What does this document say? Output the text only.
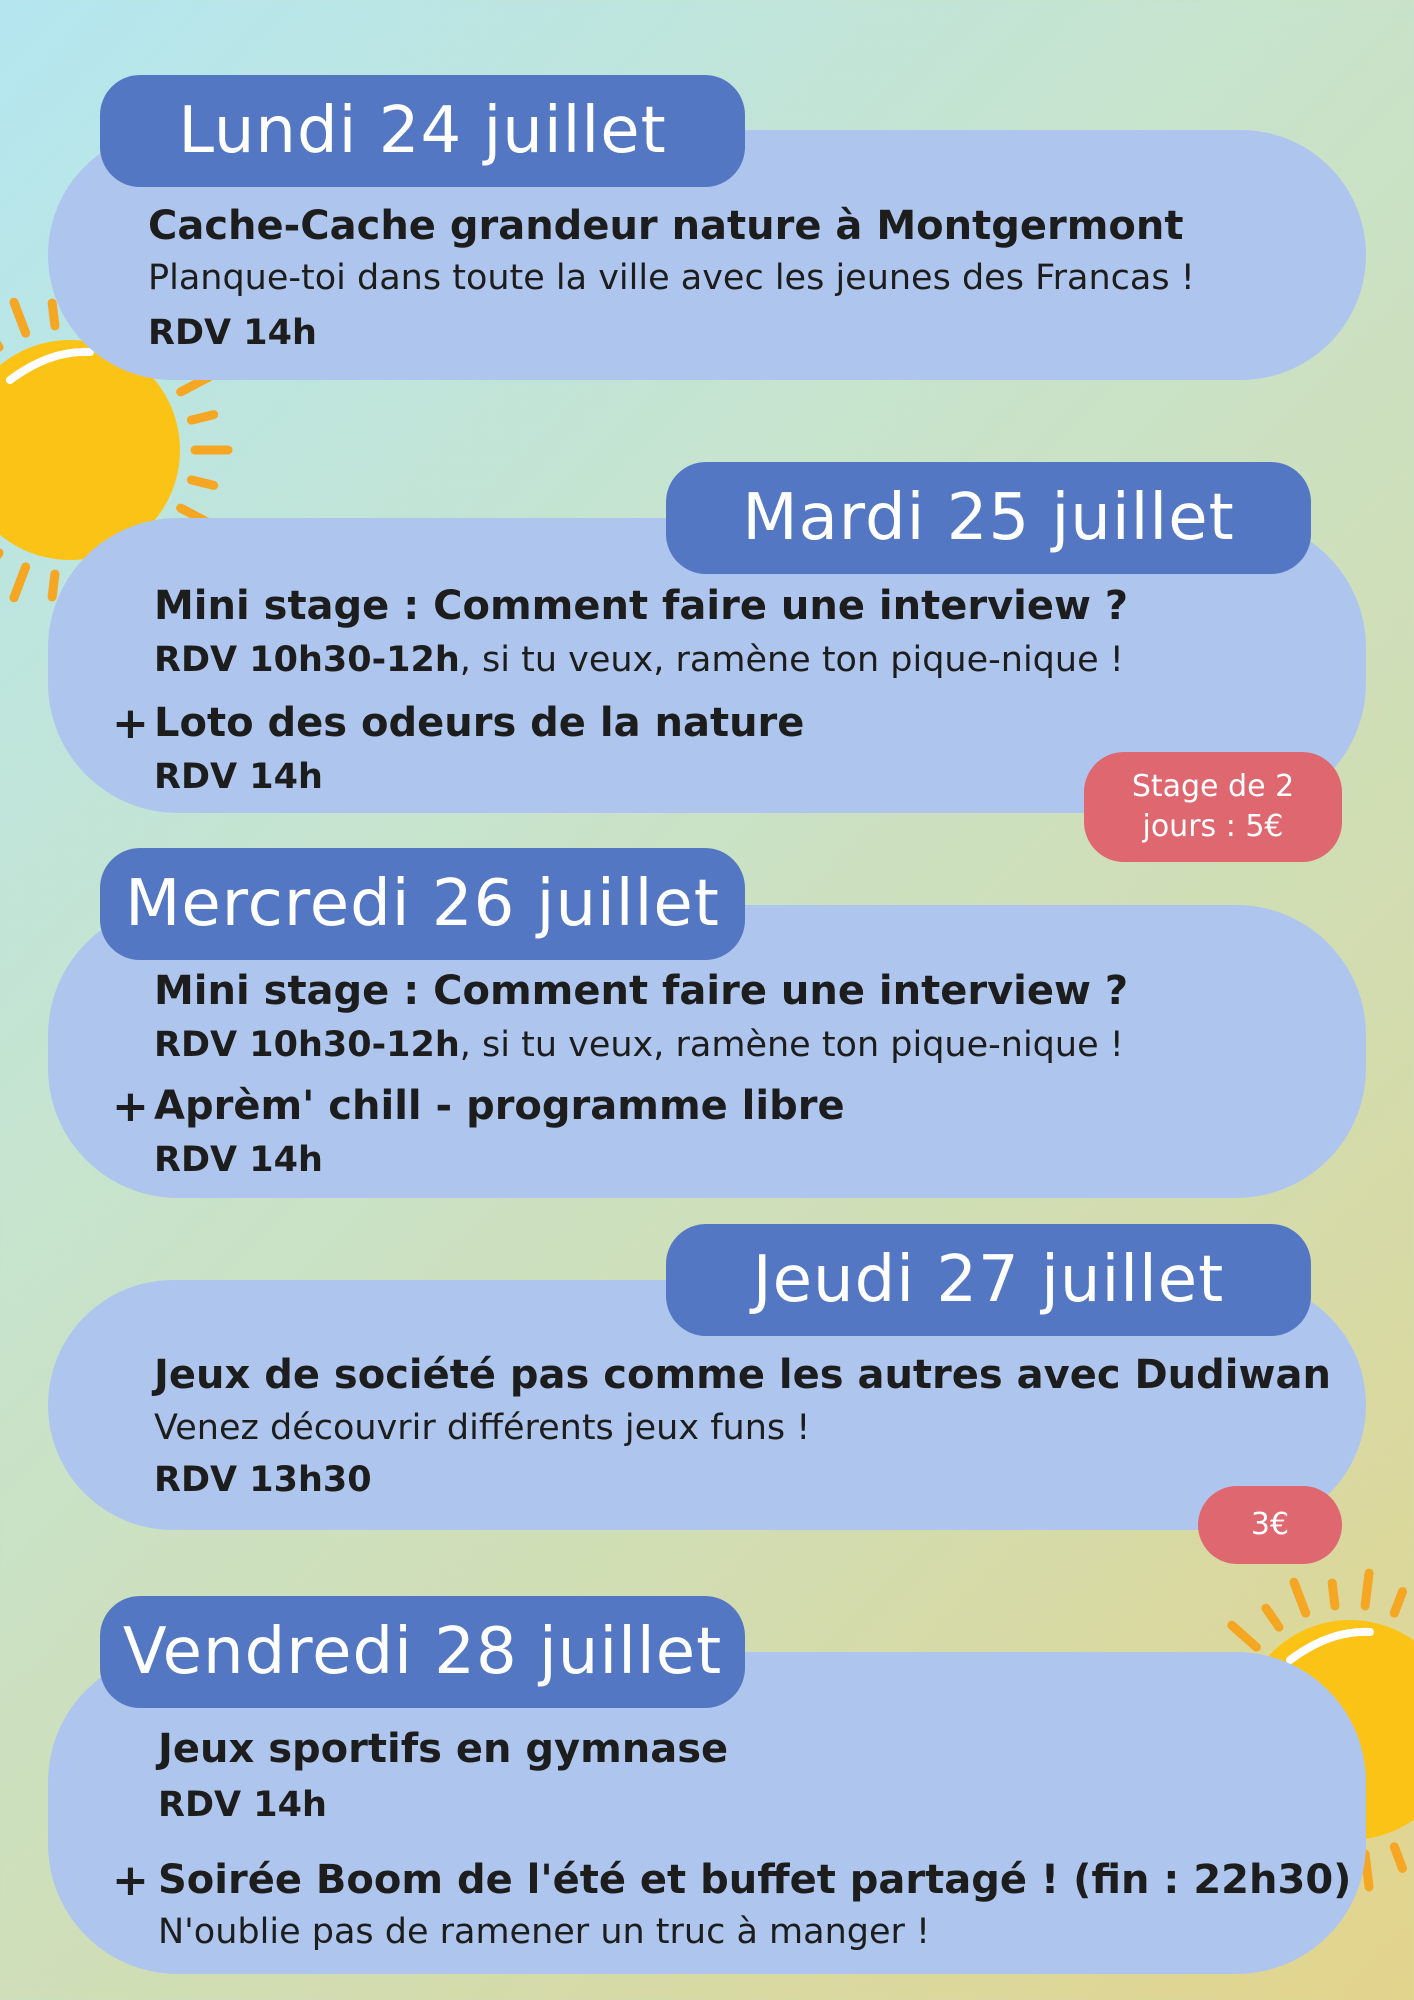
Lundi 24 juillet
Cache-Cache grandeur nature à Montgermont
Planque-toi dans toute la ville avec les jeunes des Francas !
RDV 14h
Mardi 25 juillet
Mini stage : Comment faire une interview ?
RDV 10h30-12h, si tu veux, ramène ton pique-nique !
+ Loto des odeurs de la nature
RDV 14h	Stage de 2
jours : 5€
Mercredi 26 juillet
Mini stage : Comment faire une interview ?
RDV 10h30-12h, si tu veux, ramène ton pique-nique !
+ Aprèm' chill - programme libre
RDV 14h
Jeudi 27 juillet
Jeux de société pas comme les autres avec Dudiwan
Venez découvrir différents jeux funs !
RDV 13h30
3€
Vendredi 28 juillet
Jeux sportifs en gymnase
RDV 14h
+ Soirée Boom de l'été et buffet partagé ! (fin : 22h30)
N'oublie pas de ramener un truc à manger !
